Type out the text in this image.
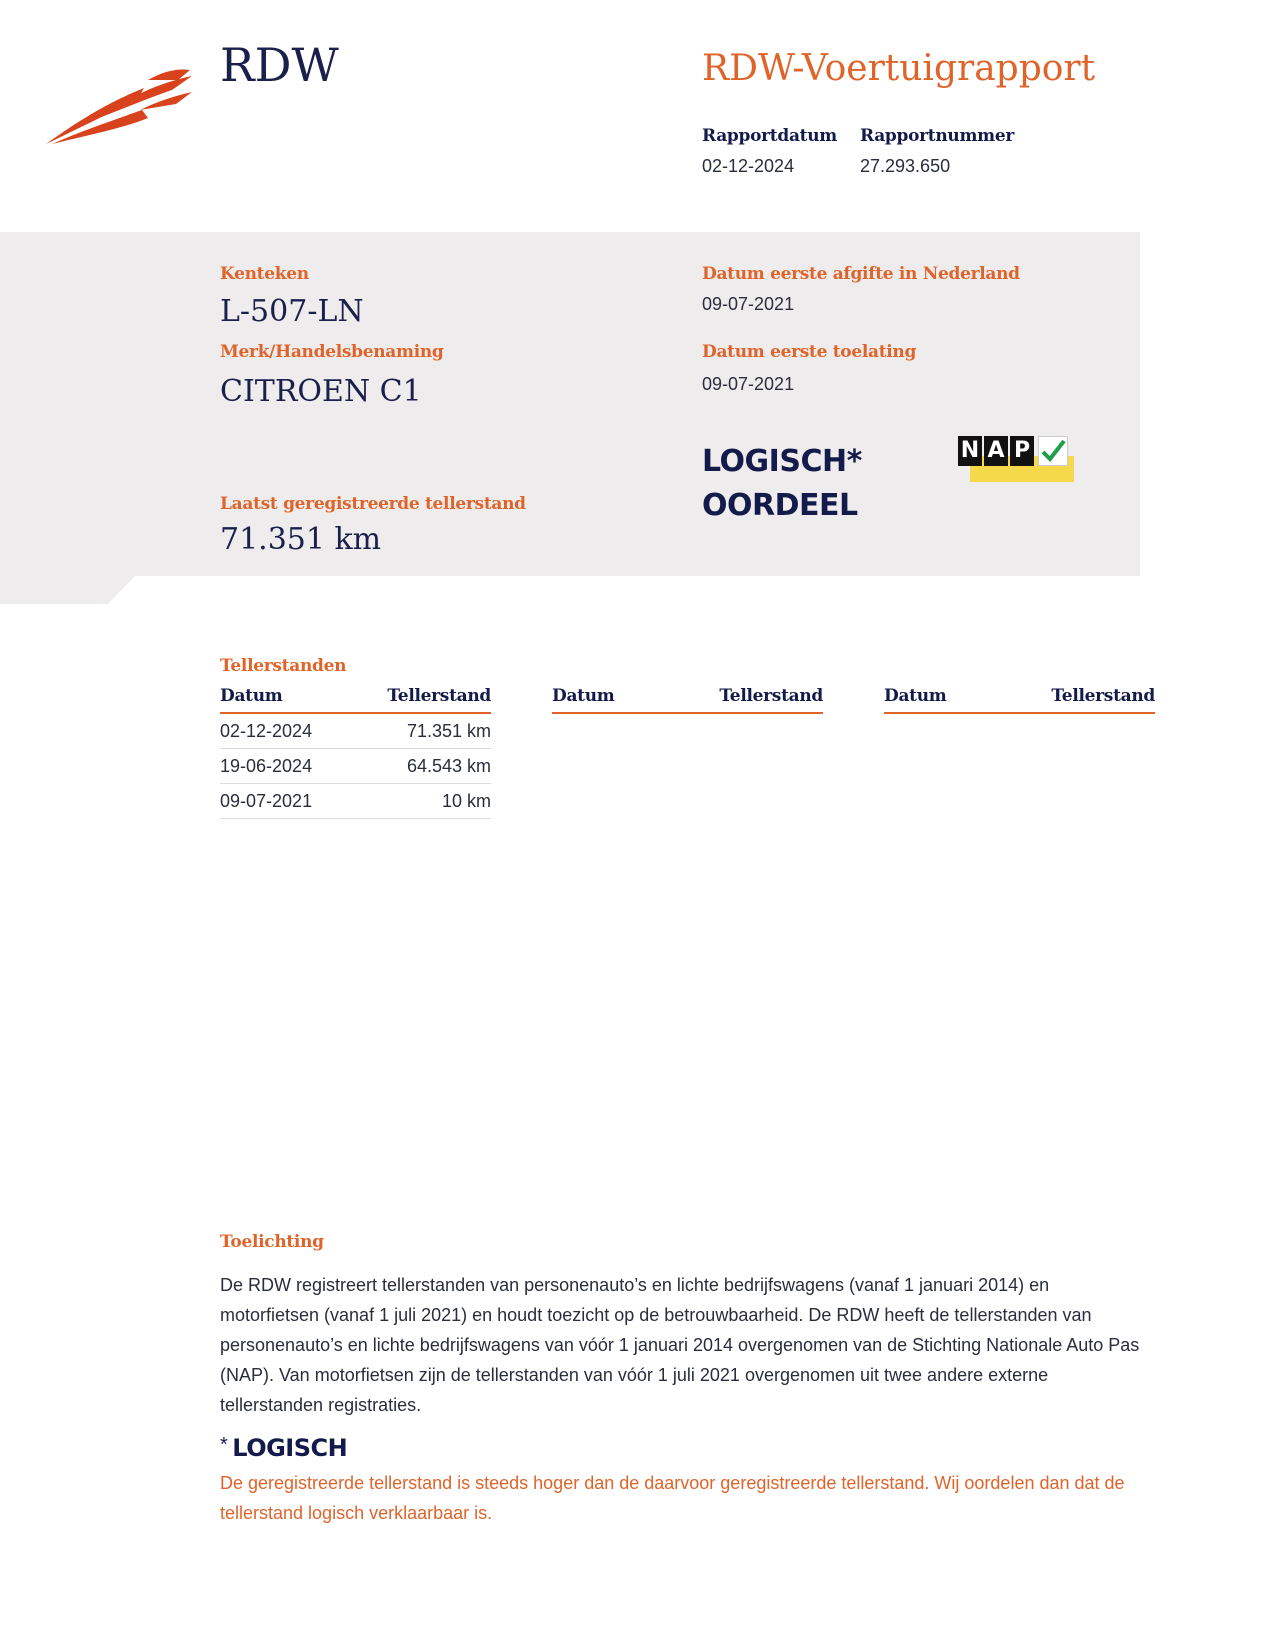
RDW	RDW-Voertuigrapport
Rapportdatum
02-12-2024
Rapportnummer
27.293.650
Kenteken
L-507-LN
Merk/Handelsbenaming
CITROEN C1
Laatst geregistreerde tellerstand
71.351 km
Datum eerste afgifte in Nederland
09-07-2021
Datum eerste toelating
09-07-2021
LOGISCH*
OORDEEL
N A P
Tellerstanden
Datum	Tellerstand
02-12-2024	71.351 km
19-06-2024	64.543 km
09-07-2021	10 km
Datum	Tellerstand	Datum	Tellerstand
Toelichting
De RDW registreert tellerstanden van personenauto’s en lichte bedrijfswagens (vanaf 1 januari 2014) en motorfietsen (vanaf 1 juli 2021) en houdt toezicht op de betrouwbaarheid. De RDW heeft de tellerstanden van personenauto’s en lichte bedrijfswagens van vóór 1 januari 2014 overgenomen van de Stichting Nationale Auto Pas (NAP). Van motorfietsen zijn de tellerstanden van vóór 1 juli 2021 overgenomen uit twee andere externe tellerstanden registraties.
* LOGISCH
De geregistreerde tellerstand is steeds hoger dan de daarvoor geregistreerde tellerstand. Wij oordelen dan dat de tellerstand logisch verklaarbaar is.
